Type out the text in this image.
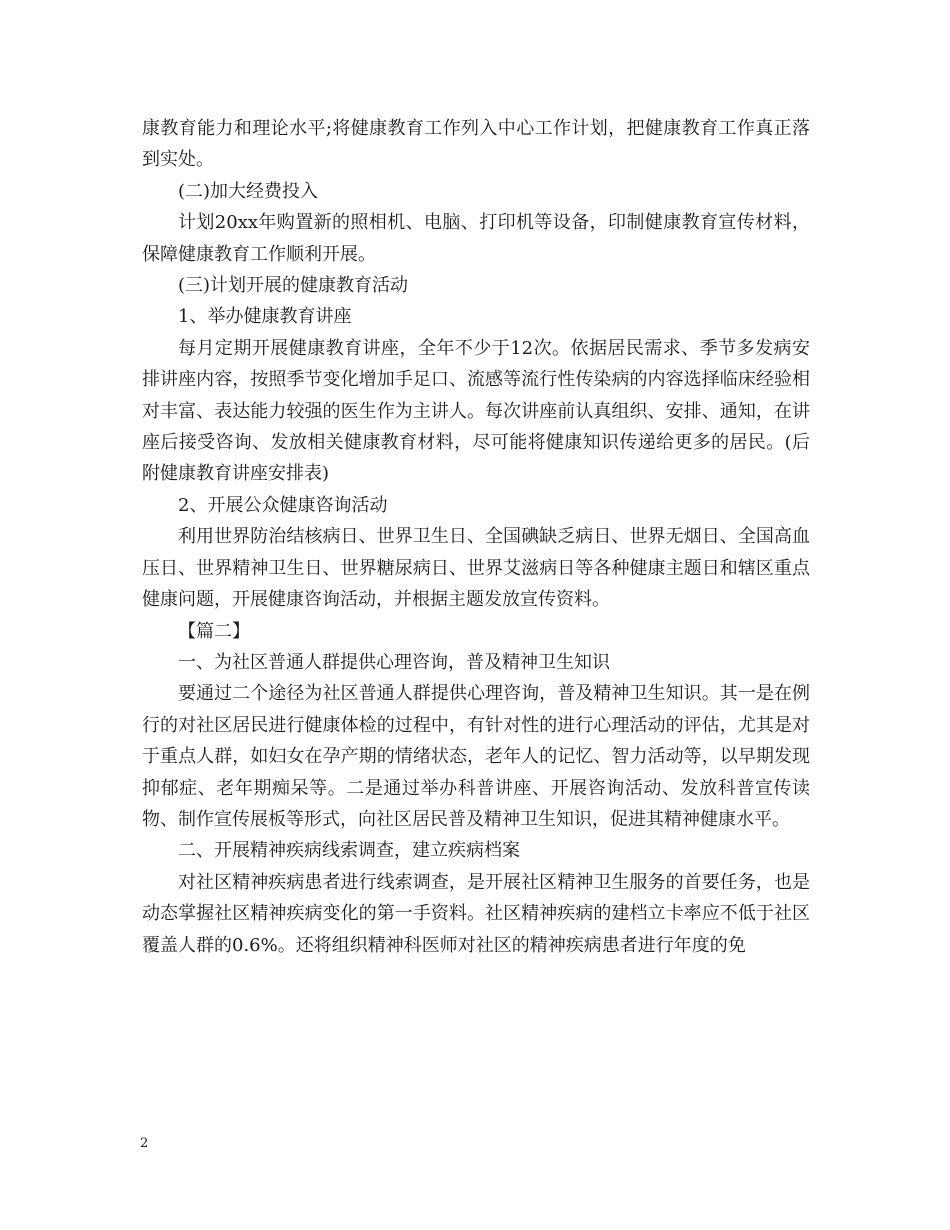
康教育能力和理论水平;将健康教育工作列入中心工作计划，把健康教育工作真正落到实处。

(二)加大经费投入

计划20xx年购置新的照相机、电脑、打印机等设备，印制健康教育宣传材料，保障健康教育工作顺利开展。

(三)计划开展的健康教育活动

1、举办健康教育讲座

每月定期开展健康教育讲座，全年不少于12次。依据居民需求、季节多发病安排讲座内容，按照季节变化增加手足口、流感等流行性传染病的内容选择临床经验相对丰富、表达能力较强的医生作为主讲人。每次讲座前认真组织、安排、通知，在讲座后接受咨询、发放相关健康教育材料，尽可能将健康知识传递给更多的居民。(后附健康教育讲座安排表)

2、开展公众健康咨询活动

利用世界防治结核病日、世界卫生日、全国碘缺乏病日、世界无烟日、全国高血压日、世界精神卫生日、世界糖尿病日、世界艾滋病日等各种健康主题日和辖区重点健康问题，开展健康咨询活动，并根据主题发放宣传资料。

【篇二】

一、为社区普通人群提供心理咨询，普及精神卫生知识

要通过二个途径为社区普通人群提供心理咨询，普及精神卫生知识。其一是在例行的对社区居民进行健康体检的过程中，有针对性的进行心理活动的评估，尤其是对于重点人群，如妇女在孕产期的情绪状态，老年人的记忆、智力活动等，以早期发现抑郁症、老年期痴呆等。二是通过举办科普讲座、开展咨询活动、发放科普宣传读物、制作宣传展板等形式，向社区居民普及精神卫生知识，促进其精神健康水平。

二、开展精神疾病线索调查，建立疾病档案

对社区精神疾病患者进行线索调查，是开展社区精神卫生服务的首要任务，也是动态掌握社区精神疾病变化的第一手资料。社区精神疾病的建档立卡率应不低于社区覆盖人群的0.6%。还将组织精神科医师对社区的精神疾病患者进行年度的免

2
